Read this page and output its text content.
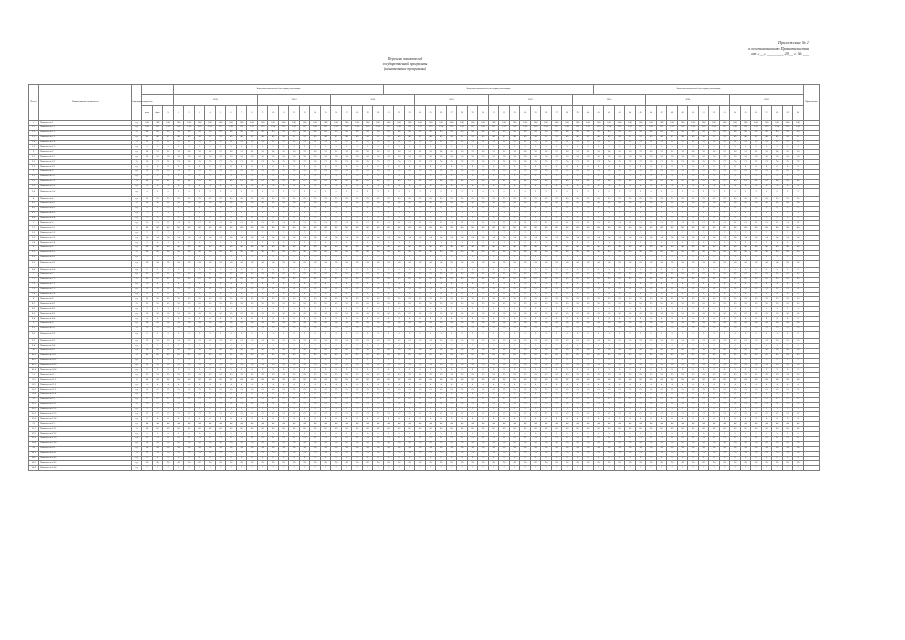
Приложение № 1
к постановлению Правительства
от «__» ________ 20__ г. № ___
Перечень показателей
государственной программы
(наименование программы)
№ п/п	Наименование показателя	Единица измерения		Значения показателей по годам реализации	Значения показателей по годам реализации	Значения показателей по годам реализации	Примечание
	2018	2019	2020	2021	2022	2023	2024	2025
план	факт	%	1	2	3	4	5	6	7	8	9	10	11	12	13	14	15	16	17	18	19	20	21	22	23	24	25	26	27	28	29	30	31	32	33	34	35	36	37	38	39	40	41	42	43	44	45	46	47	48	49	50	51	52	53	54	55	56	57	58	59	60
1	Показатель 1	ед.	100	100	100	100	100	100	100	100	100	100	100	100	100	100	100	100	100	100	100	100	100	100	100	100	100	100	100	100	100	100	100	100	100	100	100	100	100	100	100	100	100	100	100	100	100	100	100	100	100	100	100	100	100	100	100	100	100	100	100	100	100	100	100	
1.1	Показатель 1.1	ед.	120	121	122	123	124	125	126	127	120	121	122	123	124	125	126	127	120	121	122	123	124	125	126	127	120	121	122	123	124	125	126	127	120	121	122	123	124	125	126	127	120	121	122	123	124	125	126	127	120	121	122	123	124	125	126	127	120	121	122	123	124	125	126	
1.2	Показатель 1.2	%	98	98	99	99	99	99	99	99	98	98	99	99	99	99	99	99	98	98	99	99	99	99	99	99	98	98	99	99	99	99	99	99	98	98	99	99	99	99	99	99	98	98	99	99	99	99	99	99	98	98	99	99	99	99	99	99	98	98	99	99	99	99	99	
1.3	Показатель 1.3	ед.	45	46	47	48	49	50	51	52	45	46	47	48	49	50	51	52	45	46	47	48	49	50	51	52	45	46	47	48	49	50	51	52	45	46	47	48	49	50	51	52	45	46	47	48	49	50	51	52	45	46	47	48	49	50	51	52	45	46	47	48	49	50	51	
1.4	Показатель 1.4	%	12	12	12	12	12	12	12	12	12	12	12	12	12	12	12	12	12	12	12	12	12	12	12	12	12	12	12	12	12	12	12	12	12	12	12	12	12	12	12	12	12	12	12	12	12	12	12	12	12	12	12	12	12	12	12	12	12	12	12	12	12	12	12	
1.5	Показатель 1.5	ед.	5	5	5	5	5	5	5	5	5	5	5	5	5	5	5	5	5	5	5	5	5	5	5	5	5	5	5	5	5	5	5	5	5	5	5	5	5	5	5	5	5	5	5	5	5	5	5	5	5	5	5	5	5	5	5	5	5	5	5	5	5	5	5	
2	Показатель 2	ед.	30	31	32	33	34	35	36	37	30	31	32	33	34	35	36	37	30	31	32	33	34	35	36	37	30	31	32	33	34	35	36	37	30	31	32	33	34	35	36	37	30	31	32	33	34	35	36	37	30	31	32	33	34	35	36	37	30	31	32	33	34	35	36	
2.1	Показатель 2.1	ед.	10	10	10	10	10	10	10	10	10	10	10	10	10	10	10	10	10	10	10	10	10	10	10	10	10	10	10	10	10	10	10	10	10	10	10	10	10	10	10	10	10	10	10	10	10	10	10	10	10	10	10	10	10	10	10	10	10	10	10	10	10	10	10	
2.2	Показатель 2.2	%	70	71	72	73	74	75	76	77	70	71	72	73	74	75	76	77	70	71	72	73	74	75	76	77	70	71	72	73	74	75	76	77	70	71	72	73	74	75	76	77	70	71	72	73	74	75	76	77	70	71	72	73	74	75	76	77	70	71	72	73	74	75	76	
2.3	Показатель 2.3	ед.	8	8	8	8	8	8	8	8	8	8	8	8	8	8	8	8	8	8	8	8	8	8	8	8	8	8	8	8	8	8	8	8	8	8	8	8	8	8	8	8	8	8	8	8	8	8	8	8	8	8	8	8	8	8	8	8	8	8	8	8	8	8	8	
3	Показатель 3	ед.	15	15	15	15	15	15	15	15	15	15	15	15	15	15	15	15	15	15	15	15	15	15	15	15	15	15	15	15	15	15	15	15	15	15	15	15	15	15	15	15	15	15	15	15	15	15	15	15	15	15	15	15	15	15	15	15	15	15	15	15	15	15	15	
3.1	Показатель 3.1	ед.	3	3	3	3	3	3	3	3	3	3	3	3	3	3	3	3	3	3	3	3	3	3	3	3	3	3	3	3	3	3	3	3	3	3	3	3	3	3	3	3	3	3	3	3	3	3	3	3	3	3	3	3	3	3	3	3	3	3	3	3	3	3	3	
3.2	Показатель 3.2	%	60	61	62	63	64	65	66	67	60	61	62	63	64	65	66	67	60	61	62	63	64	65	66	67	60	61	62	63	64	65	66	67	60	61	62	63	64	65	66	67	60	61	62	63	64	65	66	67	60	61	62	63	64	65	66	67	60	61	62	63	64	65	66	
3.3	Показатель 3.3	ед.	4	4	4	4	4	4	4	4	4	4	4	4	4	4	4	4	4	4	4	4	4	4	4	4	4	4	4	4	4	4	4	4	4	4	4	4	4	4	4	4	4	4	4	4	4	4	4	4	4	4	4	4	4	4	4	4	4	4	4	4	4	4	4	
3.4	Показатель 3.4	ед.	2	2	2	2	2	2	2	2	2	2	2	2	2	2	2	2	2	2	2	2	2	2	2	2	2	2	2	2	2	2	2	2	2	2	2	2	2	2	2	2	2	2	2	2	2	2	2	2	2	2	2	2	2	2	2	2	2	2	2	2	2	2	2	
4	Показатель 4	ед.	25	25	25	25	25	25	25	25	25	25	25	25	25	25	25	25	25	25	25	25	25	25	25	25	25	25	25	25	25	25	25	25	25	25	25	25	25	25	25	25	25	25	25	25	25	25	25	25	25	25	25	25	25	25	25	25	25	25	25	25	25	25	25	
4.1	Показатель 4.1	%	50	50	50	50	50	50	50	50	50	50	50	50	50	50	50	50	50	50	50	50	50	50	50	50	50	50	50	50	50	50	50	50	50	50	50	50	50	50	50	50	50	50	50	50	50	50	50	50	50	50	50	50	50	50	50	50	50	50	50	50	50	50	50	
4.2	Показатель 4.2	ед.	6	6	6	6	6	6	6	6	6	6	6	6	6	6	6	6	6	6	6	6	6	6	6	6	6	6	6	6	6	6	6	6	6	6	6	6	6	6	6	6	6	6	6	6	6	6	6	6	6	6	6	6	6	6	6	6	6	6	6	6	6	6	6	
4.3	Показатель 4.3	ед.	1	1	1	1	1	1	1	1	1	1	1	1	1	1	1	1	1	1	1	1	1	1	1	1	1	1	1	1	1	1	1	1	1	1	1	1	1	1	1	1	1	1	1	1	1	1	1	1	1	1	1	1	1	1	1	1	1	1	1	1	1	1	1	
4.4	Показатель 4.4	ед.	9	9	9	9	9	9	9	9	9	9	9	9	9	9	9	9	9	9	9	9	9	9	9	9	9	9	9	9	9	9	9	9	9	9	9	9	9	9	9	9	9	9	9	9	9	9	9	9	9	9	9	9	9	9	9	9	9	9	9	9	9	9	9	
5	Показатель 5	ед.	11	11	11	11	11	11	11	11	11	11	11	11	11	11	11	11	11	11	11	11	11	11	11	11	11	11	11	11	11	11	11	11	11	11	11	11	11	11	11	11	11	11	11	11	11	11	11	11	11	11	11	11	11	11	11	11	11	11	11	11	11	11	11	
5.1	Показатель 5.1	%	80	80	80	80	80	80	80	80	80	80	80	80	80	80	80	80	80	80	80	80	80	80	80	80	80	80	80	80	80	80	80	80	80	80	80	80	80	80	80	80	80	80	80	80	80	80	80	80	80	80	80	80	80	80	80	80	80	80	80	80	80	80	80	
5.2	Показатель 5.2	ед.	7	7	7	7	7	7	7	7	7	7	7	7	7	7	7	7	7	7	7	7	7	7	7	7	7	7	7	7	7	7	7	7	7	7	7	7	7	7	7	7	7	7	7	7	7	7	7	7	7	7	7	7	7	7	7	7	7	7	7	7	7	7	7	
5.3	Показатель 5.3	ед.	14	14	14	14	14	14	14	14	14	14	14	14	14	14	14	14	14	14	14	14	14	14	14	14	14	14	14	14	14	14	14	14	14	14	14	14	14	14	14	14	14	14	14	14	14	14	14	14	14	14	14	14	14	14	14	14	14	14	14	14	14	14	14	
5.4	Показатель 5.4	ед.	3	3	3	3	3	3	3	3	3	3	3	3	3	3	3	3	3	3	3	3	3	3	3	3	3	3	3	3	3	3	3	3	3	3	3	3	3	3	3	3	3	3	3	3	3	3	3	3	3	3	3	3	3	3	3	3	3	3	3	3	3	3	3	
6	Показатель 6	ед.	40	40	40	40	40	40	40	40	40	40	40	40	40	40	40	40	40	40	40	40	40	40	40	40	40	40	40	40	40	40	40	40	40	40	40	40	40	40	40	40	40	40	40	40	40	40	40	40	40	40	40	40	40	40	40	40	40	40	40	40	40	40	40	
6.1	Показатель 6.1	%	90	90	90	90	90	90	90	90	90	90	90	90	90	90	90	90	90	90	90	90	90	90	90	90	90	90	90	90	90	90	90	90	90	90	90	90	90	90	90	90	90	90	90	90	90	90	90	90	90	90	90	90	90	90	90	90	90	90	90	90	90	90	90	
6.2	Показатель 6.2	ед.	2	2	2	2	2	2	2	2	2	2	2	2	2	2	2	2	2	2	2	2	2	2	2	2	2	2	2	2	2	2	2	2	2	2	2	2	2	2	2	2	2	2	2	2	2	2	2	2	2	2	2	2	2	2	2	2	2	2	2	2	2	2	2	
6.3	Показатель 6.3	ед.	18	18	18	18	18	18	18	18	18	18	18	18	18	18	18	18	18	18	18	18	18	18	18	18	18	18	18	18	18	18	18	18	18	18	18	18	18	18	18	18	18	18	18	18	18	18	18	18	18	18	18	18	18	18	18	18	18	18	18	18	18	18	18	
6.4	Показатель 6.4	ед.	5	5	5	5	5	5	5	5	5	5	5	5	5	5	5	5	5	5	5	5	5	5	5	5	5	5	5	5	5	5	5	5	5	5	5	5	5	5	5	5	5	5	5	5	5	5	5	5	5	5	5	5	5	5	5	5	5	5	5	5	5	5	5	
7	Показатель 7	ед.	22	22	22	22	22	22	22	22	22	22	22	22	22	22	22	22	22	22	22	22	22	22	22	22	22	22	22	22	22	22	22	22	22	22	22	22	22	22	22	22	22	22	22	22	22	22	22	22	22	22	22	22	22	22	22	22	22	22	22	22	22	22	22	
7.1	Показатель 7.1	%	65	65	65	65	65	65	65	65	65	65	65	65	65	65	65	65	65	65	65	65	65	65	65	65	65	65	65	65	65	65	65	65	65	65	65	65	65	65	65	65	65	65	65	65	65	65	65	65	65	65	65	65	65	65	65	65	65	65	65	65	65	65	65	
7.2	Показатель 7.2	ед.	4	4	4	4	4	4	4	4	4	4	4	4	4	4	4	4	4	4	4	4	4	4	4	4	4	4	4	4	4	4	4	4	4	4	4	4	4	4	4	4	4	4	4	4	4	4	4	4	4	4	4	4	4	4	4	4	4	4	4	4	4	4	4	
7.3	Показатель 7.3	ед.	12	12	12	12	12	12	12	12	12	12	12	12	12	12	12	12	12	12	12	12	12	12	12	12	12	12	12	12	12	12	12	12	12	12	12	12	12	12	12	12	12	12	12	12	12	12	12	12	12	12	12	12	12	12	12	12	12	12	12	12	12	12	12	
7.4	Показатель 7.4	ед.	6	6	6	6	6	6	6	6	6	6	6	6	6	6	6	6	6	6	6	6	6	6	6	6	6	6	6	6	6	6	6	6	6	6	6	6	6	6	6	6	6	6	6	6	6	6	6	6	6	6	6	6	6	6	6	6	6	6	6	6	6	6	6	
8	Показатель 8	ед.	35	35	35	35	35	35	35	35	35	35	35	35	35	35	35	35	35	35	35	35	35	35	35	35	35	35	35	35	35	35	35	35	35	35	35	35	35	35	35	35	35	35	35	35	35	35	35	35	35	35	35	35	35	35	35	35	35	35	35	35	35	35	35	
8.1	Показатель 8.1	%	55	55	55	55	55	55	55	55	55	55	55	55	55	55	55	55	55	55	55	55	55	55	55	55	55	55	55	55	55	55	55	55	55	55	55	55	55	55	55	55	55	55	55	55	55	55	55	55	55	55	55	55	55	55	55	55	55	55	55	55	55	55	55	
8.2	Показатель 8.2	ед.	3	3	3	3	3	3	3	3	3	3	3	3	3	3	3	3	3	3	3	3	3	3	3	3	3	3	3	3	3	3	3	3	3	3	3	3	3	3	3	3	3	3	3	3	3	3	3	3	3	3	3	3	3	3	3	3	3	3	3	3	3	3	3	
8.3	Показатель 8.3	ед.	16	16	16	16	16	16	16	16	16	16	16	16	16	16	16	16	16	16	16	16	16	16	16	16	16	16	16	16	16	16	16	16	16	16	16	16	16	16	16	16	16	16	16	16	16	16	16	16	16	16	16	16	16	16	16	16	16	16	16	16	16	16	16	
8.4	Показатель 8.4	ед.	8	8	8	8	8	8	8	8	8	8	8	8	8	8	8	8	8	8	8	8	8	8	8	8	8	8	8	8	8	8	8	8	8	8	8	8	8	8	8	8	8	8	8	8	8	8	8	8	8	8	8	8	8	8	8	8	8	8	8	8	8	8	8	
9	Показатель 9	ед.	28	28	28	28	28	28	28	28	28	28	28	28	28	28	28	28	28	28	28	28	28	28	28	28	28	28	28	28	28	28	28	28	28	28	28	28	28	28	28	28	28	28	28	28	28	28	28	28	28	28	28	28	28	28	28	28	28	28	28	28	28	28	28	
9.1	Показатель 9.1	%	75	75	75	75	75	75	75	75	75	75	75	75	75	75	75	75	75	75	75	75	75	75	75	75	75	75	75	75	75	75	75	75	75	75	75	75	75	75	75	75	75	75	75	75	75	75	75	75	75	75	75	75	75	75	75	75	75	75	75	75	75	75	75	
9.2	Показатель 9.2	ед.	2	2	2	2	2	2	2	2	2	2	2	2	2	2	2	2	2	2	2	2	2	2	2	2	2	2	2	2	2	2	2	2	2	2	2	2	2	2	2	2	2	2	2	2	2	2	2	2	2	2	2	2	2	2	2	2	2	2	2	2	2	2	2	
9.3	Показатель 9.3	ед.	13	13	13	13	13	13	13	13	13	13	13	13	13	13	13	13	13	13	13	13	13	13	13	13	13	13	13	13	13	13	13	13	13	13	13	13	13	13	13	13	13	13	13	13	13	13	13	13	13	13	13	13	13	13	13	13	13	13	13	13	13	13	13	
9.4	Показатель 9.4	ед.	7	7	7	7	7	7	7	7	7	7	7	7	7	7	7	7	7	7	7	7	7	7	7	7	7	7	7	7	7	7	7	7	7	7	7	7	7	7	7	7	7	7	7	7	7	7	7	7	7	7	7	7	7	7	7	7	7	7	7	7	7	7	7	
10	Показатель 10	ед.	50	50	50	50	50	50	50	50	50	50	50	50	50	50	50	50	50	50	50	50	50	50	50	50	50	50	50	50	50	50	50	50	50	50	50	50	50	50	50	50	50	50	50	50	50	50	50	50	50	50	50	50	50	50	50	50	50	50	50	50	50	50	50	
10.1	Показатель 10.1	%	85	85	85	85	85	85	85	85	85	85	85	85	85	85	85	85	85	85	85	85	85	85	85	85	85	85	85	85	85	85	85	85	85	85	85	85	85	85	85	85	85	85	85	85	85	85	85	85	85	85	85	85	85	85	85	85	85	85	85	85	85	85	85	
10.2	Показатель 10.2	ед.	5	5	5	5	5	5	5	5	5	5	5	5	5	5	5	5	5	5	5	5	5	5	5	5	5	5	5	5	5	5	5	5	5	5	5	5	5	5	5	5	5	5	5	5	5	5	5	5	5	5	5	5	5	5	5	5	5	5	5	5	5	5	5	
10.3	Показатель 10.3	ед.	19	19	19	19	19	19	19	19	19	19	19	19	19	19	19	19	19	19	19	19	19	19	19	19	19	19	19	19	19	19	19	19	19	19	19	19	19	19	19	19	19	19	19	19	19	19	19	19	19	19	19	19	19	19	19	19	19	19	19	19	19	19	19	
10.4	Показатель 10.4	ед.	9	9	9	9	9	9	9	9	9	9	9	9	9	9	9	9	9	9	9	9	9	9	9	9	9	9	9	9	9	9	9	9	9	9	9	9	9	9	9	9	9	9	9	9	9	9	9	9	9	9	9	9	9	9	9	9	9	9	9	9	9	9	9	
11	Показатель 11	ед.	33	33	33	33	33	33	33	33	33	33	33	33	33	33	33	33	33	33	33	33	33	33	33	33	33	33	33	33	33	33	33	33	33	33	33	33	33	33	33	33	33	33	33	33	33	33	33	33	33	33	33	33	33	33	33	33	33	33	33	33	33	33	33	
11.1	Показатель 11.1	%	68	68	68	68	68	68	68	68	68	68	68	68	68	68	68	68	68	68	68	68	68	68	68	68	68	68	68	68	68	68	68	68	68	68	68	68	68	68	68	68	68	68	68	68	68	68	68	68	68	68	68	68	68	68	68	68	68	68	68	68	68	68	68	
11.2	Показатель 11.2	ед.	4	4	4	4	4	4	4	4	4	4	4	4	4	4	4	4	4	4	4	4	4	4	4	4	4	4	4	4	4	4	4	4	4	4	4	4	4	4	4	4	4	4	4	4	4	4	4	4	4	4	4	4	4	4	4	4	4	4	4	4	4	4	4	
11.3	Показатель 11.3	ед.	15	15	15	15	15	15	15	15	15	15	15	15	15	15	15	15	15	15	15	15	15	15	15	15	15	15	15	15	15	15	15	15	15	15	15	15	15	15	15	15	15	15	15	15	15	15	15	15	15	15	15	15	15	15	15	15	15	15	15	15	15	15	15	
11.4	Показатель 11.4	ед.	6	6	6	6	6	6	6	6	6	6	6	6	6	6	6	6	6	6	6	6	6	6	6	6	6	6	6	6	6	6	6	6	6	6	6	6	6	6	6	6	6	6	6	6	6	6	6	6	6	6	6	6	6	6	6	6	6	6	6	6	6	6	6	
12	Показатель 12	ед.	27	27	27	27	27	27	27	27	27	27	27	27	27	27	27	27	27	27	27	27	27	27	27	27	27	27	27	27	27	27	27	27	27	27	27	27	27	27	27	27	27	27	27	27	27	27	27	27	27	27	27	27	27	27	27	27	27	27	27	27	27	27	27	
12.1	Показатель 12.1	%	72	72	72	72	72	72	72	72	72	72	72	72	72	72	72	72	72	72	72	72	72	72	72	72	72	72	72	72	72	72	72	72	72	72	72	72	72	72	72	72	72	72	72	72	72	72	72	72	72	72	72	72	72	72	72	72	72	72	72	72	72	72	72	
12.2	Показатель 12.2	ед.	3	3	3	3	3	3	3	3	3	3	3	3	3	3	3	3	3	3	3	3	3	3	3	3	3	3	3	3	3	3	3	3	3	3	3	3	3	3	3	3	3	3	3	3	3	3	3	3	3	3	3	3	3	3	3	3	3	3	3	3	3	3	3	
12.3	Показатель 12.3	ед.	17	17	17	17	17	17	17	17	17	17	17	17	17	17	17	17	17	17	17	17	17	17	17	17	17	17	17	17	17	17	17	17	17	17	17	17	17	17	17	17	17	17	17	17	17	17	17	17	17	17	17	17	17	17	17	17	17	17	17	17	17	17	17	
12.4	Показатель 12.4	ед.	8	8	8	8	8	8	8	8	8	8	8	8	8	8	8	8	8	8	8	8	8	8	8	8	8	8	8	8	8	8	8	8	8	8	8	8	8	8	8	8	8	8	8	8	8	8	8	8	8	8	8	8	8	8	8	8	8	8	8	8	8	8	8	
13	Показатель 13	ед.	44	44	44	44	44	44	44	44	44	44	44	44	44	44	44	44	44	44	44	44	44	44	44	44	44	44	44	44	44	44	44	44	44	44	44	44	44	44	44	44	44	44	44	44	44	44	44	44	44	44	44	44	44	44	44	44	44	44	44	44	44	44	44	
13.1	Показатель 13.1	%	66	66	66	66	66	66	66	66	66	66	66	66	66	66	66	66	66	66	66	66	66	66	66	66	66	66	66	66	66	66	66	66	66	66	66	66	66	66	66	66	66	66	66	66	66	66	66	66	66	66	66	66	66	66	66	66	66	66	66	66	66	66	66	
13.2	Показатель 13.2	ед.	5	5	5	5	5	5	5	5	5	5	5	5	5	5	5	5	5	5	5	5	5	5	5	5	5	5	5	5	5	5	5	5	5	5	5	5	5	5	5	5	5	5	5	5	5	5	5	5	5	5	5	5	5	5	5	5	5	5	5	5	5	5	5	
13.3	Показатель 13.3	ед.	21	21	21	21	21	21	21	21	21	21	21	21	21	21	21	21	21	21	21	21	21	21	21	21	21	21	21	21	21	21	21	21	21	21	21	21	21	21	21	21	21	21	21	21	21	21	21	21	21	21	21	21	21	21	21	21	21	21	21	21	21	21	21	
13.4	Показатель 13.4	ед.	10	10	10	10	10	10	10	10	10	10	10	10	10	10	10	10	10	10	10	10	10	10	10	10	10	10	10	10	10	10	10	10	10	10	10	10	10	10	10	10	10	10	10	10	10	10	10	10	10	10	10	10	10	10	10	10	10	10	10	10	10	10	10	
14	Показатель 14	ед.	38	38	38	38	38	38	38	38	38	38	38	38	38	38	38	38	38	38	38	38	38	38	38	38	38	38	38	38	38	38	38	38	38	38	38	38	38	38	38	38	38	38	38	38	38	38	38	38	38	38	38	38	38	38	38	38	38	38	38	38	38	38	38	
14.1	Показатель 14.1	%	79	79	79	79	79	79	79	79	79	79	79	79	79	79	79	79	79	79	79	79	79	79	79	79	79	79	79	79	79	79	79	79	79	79	79	79	79	79	79	79	79	79	79	79	79	79	79	79	79	79	79	79	79	79	79	79	79	79	79	79	79	79	79	
14.2	Показатель 14.2	ед.	6	6	6	6	6	6	6	6	6	6	6	6	6	6	6	6	6	6	6	6	6	6	6	6	6	6	6	6	6	6	6	6	6	6	6	6	6	6	6	6	6	6	6	6	6	6	6	6	6	6	6	6	6	6	6	6	6	6	6	6	6	6	6	
14.3	Показатель 14.3	ед.	20	20	20	20	20	20	20	20	20	20	20	20	20	20	20	20	20	20	20	20	20	20	20	20	20	20	20	20	20	20	20	20	20	20	20	20	20	20	20	20	20	20	20	20	20	20	20	20	20	20	20	20	20	20	20	20	20	20	20	20	20	20	20	
14.4	Показатель 14.4	ед.	7	7	7	7	7	7	7	7	7	7	7	7	7	7	7	7	7	7	7	7	7	7	7	7	7	7	7	7	7	7	7	7	7	7	7	7	7	7	7	7	7	7	7	7	7	7	7	7	7	7	7	7	7	7	7	7	7	7	7	7	7	7	7	
